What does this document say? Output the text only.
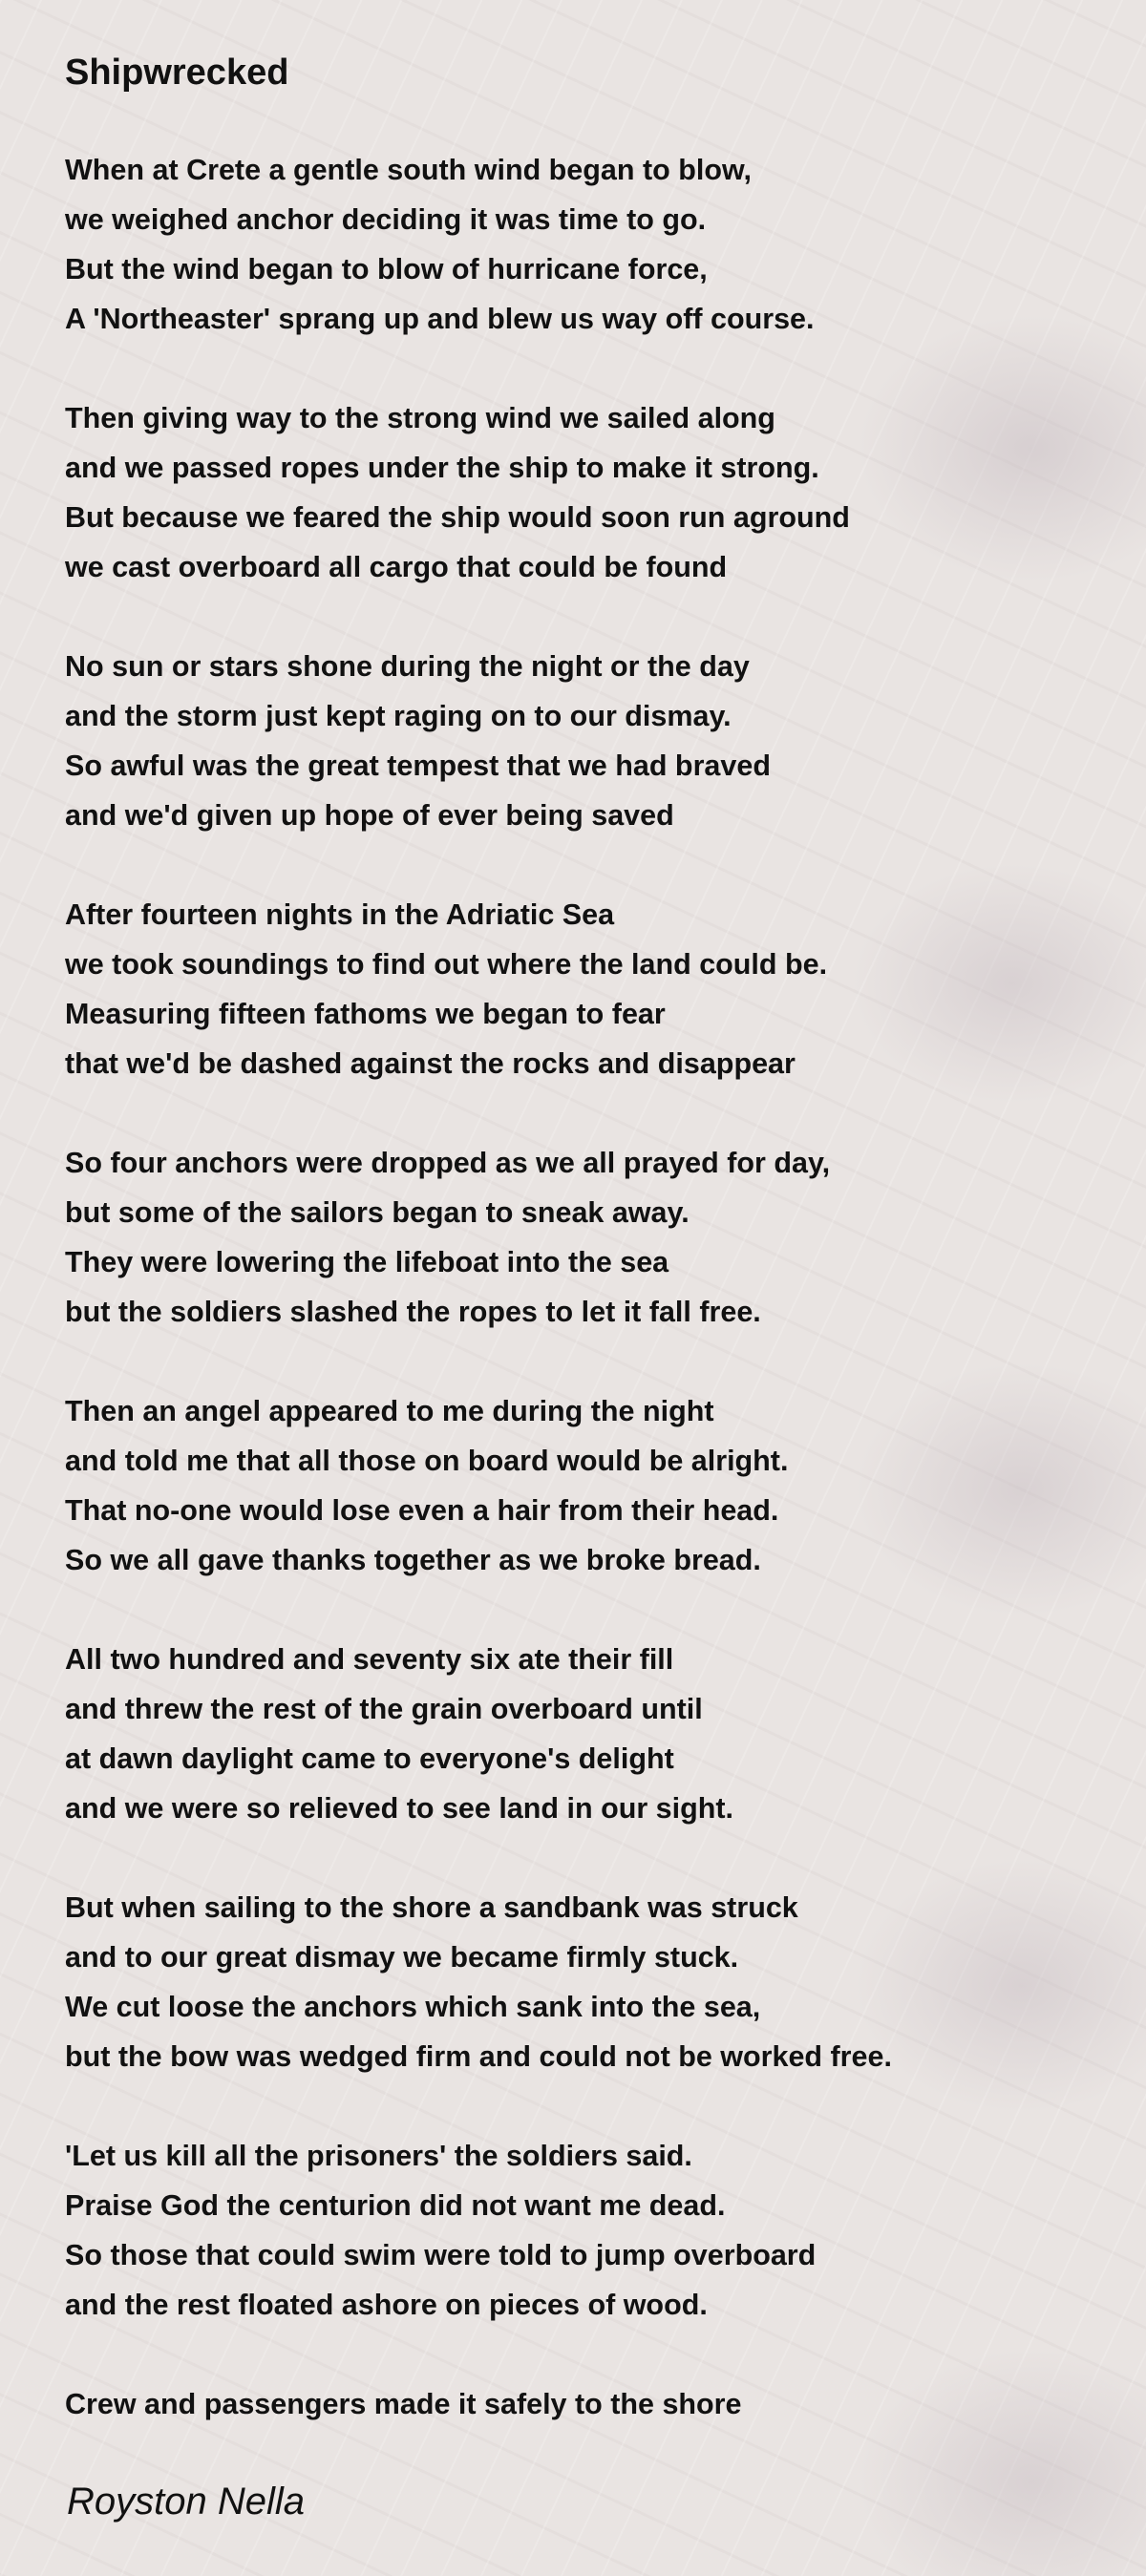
Shipwrecked
When at Crete a gentle south wind began to blow,
we weighed anchor deciding it was time to go.
But the wind began to blow of hurricane force,
A 'Northeaster' sprang up and blew us way off course.
Then giving way to the strong wind we sailed along
and we passed ropes under the ship to make it strong.
But because we feared the ship would soon run aground
we cast overboard all cargo that could be found
No sun or stars shone during the night or the day
and the storm just kept raging on to our dismay.
So awful was the great tempest that we had braved
and we'd given up hope of ever being saved
After fourteen nights in the Adriatic Sea
we took soundings to find out where the land could be.
Measuring fifteen fathoms we began to fear
that we'd be dashed against the rocks and disappear
So four anchors were dropped as we all prayed for day,
but some of the sailors began to sneak away.
They were lowering the lifeboat into the sea
but the soldiers slashed the ropes to let it fall free.
Then an angel appeared to me during the night
and told me that all those on board would be alright.
That no-one would lose even a hair from their head.
So we all gave thanks together as we broke bread.
All two hundred and seventy six ate their fill
and threw the rest of the grain overboard until
at dawn daylight came to everyone's delight
and we were so relieved to see land in our sight.
But when sailing to the shore a sandbank was struck
and to our great dismay we became firmly stuck.
We cut loose the anchors which sank into the sea,
but the bow was wedged firm and could not be worked free.
'Let us kill all the prisoners' the soldiers said.
Praise God the centurion did not want me dead.
So those that could swim were told to jump overboard
and the rest floated ashore on pieces of wood.
Crew and passengers made it safely to the shore

Royston Nella
